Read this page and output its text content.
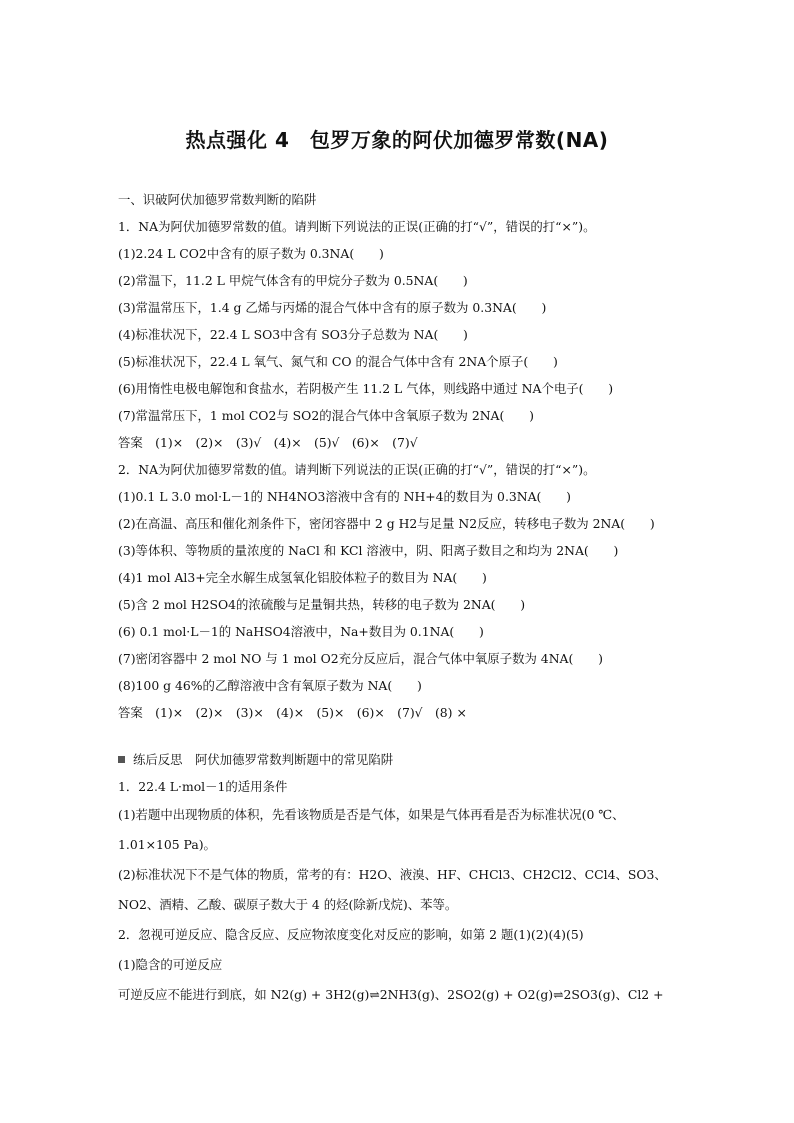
热点强化 4　包罗万象的阿伏加德罗常数(NA)
一、识破阿伏加德罗常数判断的陷阱
1．NA为阿伏加德罗常数的值。请判断下列说法的正误(正确的打“√”，错误的打“×”)。
(1)2.24 L CO2中含有的原子数为 0.3NA(　　)
(2)常温下，11.2 L 甲烷气体含有的甲烷分子数为 0.5NA(　　)
(3)常温常压下，1.4 g 乙烯与丙烯的混合气体中含有的原子数为 0.3NA(　　)
(4)标准状况下，22.4 L SO3中含有 SO3分子总数为 NA(　　)
(5)标准状况下，22.4 L 氧气、氮气和 CO 的混合气体中含有 2NA个原子(　　)
(6)用惰性电极电解饱和食盐水，若阴极产生 11.2 L 气体，则线路中通过 NA个电子(　　)
(7)常温常压下，1 mol CO2与 SO2的混合气体中含氧原子数为 2NA(　　)
答案　(1)×　(2)×　(3)√　(4)×　(5)√　(6)×　(7)√
2．NA为阿伏加德罗常数的值。请判断下列说法的正误(正确的打“√”，错误的打“×”)。
(1)0.1 L 3.0 mol·L－1的 NH4NO3溶液中含有的 NH+4的数目为 0.3NA(　　)
(2)在高温、高压和催化剂条件下，密闭容器中 2 g H2与足量 N2反应，转移电子数为 2NA(　　)
(3)等体积、等物质的量浓度的 NaCl 和 KCl 溶液中，阴、阳离子数目之和均为 2NA(　　)
(4)1 mol Al3+完全水解生成氢氧化铝胶体粒子的数目为 NA(　　)
(5)含 2 mol H2SO4的浓硫酸与足量铜共热，转移的电子数为 2NA(　　)
(6) 0.1 mol·L－1的 NaHSO4溶液中，Na+数目为 0.1NA(　　)
(7)密闭容器中 2 mol NO 与 1 mol O2充分反应后，混合气体中氧原子数为 4NA(　　)
(8)100 g 46%的乙醇溶液中含有氧原子数为 NA(　　)
答案　(1)×　(2)×　(3)×　(4)×　(5)×　(6)×　(7)√　(8) ×
练后反思　阿伏加德罗常数判断题中的常见陷阱
1．22.4 L·mol－1的适用条件
(1)若题中出现物质的体积，先看该物质是否是气体，如果是气体再看是否为标准状况(0 ℃、
1.01×105 Pa)。
(2)标准状况下不是气体的物质，常考的有：H2O、液溴、HF、CHCl3、CH2Cl2、CCl4、SO3、
NO2、酒精、乙酸、碳原子数大于 4 的烃(除新戊烷)、苯等。
2．忽视可逆反应、隐含反应、反应物浓度变化对反应的影响，如第 2 题(1)(2)(4)(5)
(1)隐含的可逆反应
可逆反应不能进行到底，如 N2(g) + 3H2(g)⇌2NH3(g)、2SO2(g) + O2(g)⇌2SO3(g)、Cl2 +
